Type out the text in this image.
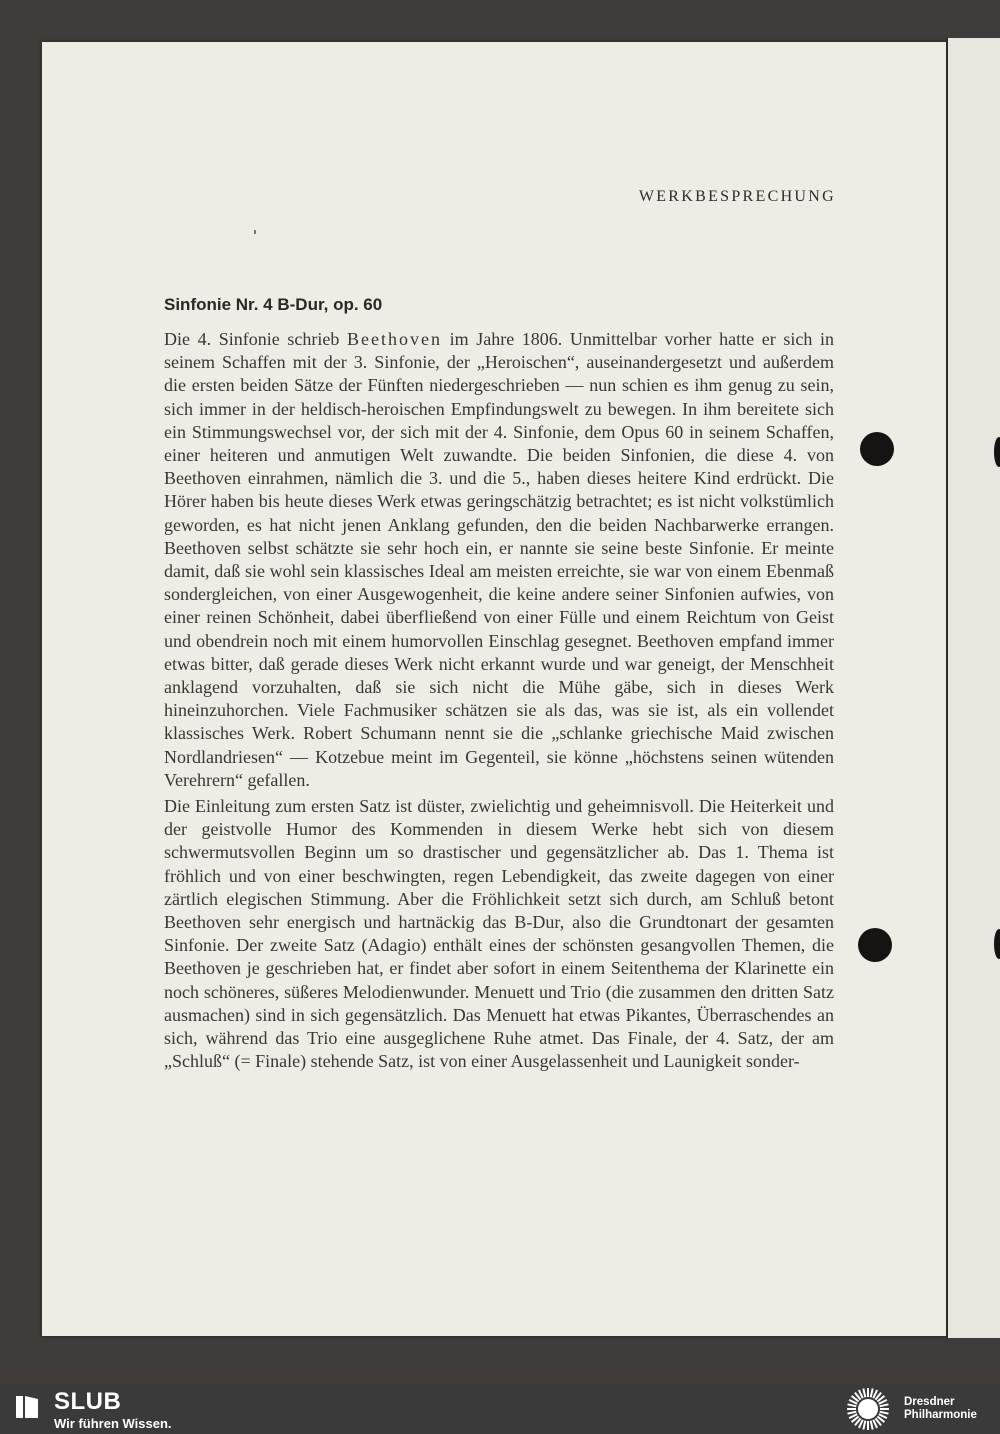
WERKBESPRECHUNG
Sinfonie Nr. 4 B-Dur, op. 60

Die 4. Sinfonie schrieb Beethoven im Jahre 1806. Unmittelbar vorher hatte er sich in seinem Schaffen mit der 3. Sinfonie, der „Heroischen“, auseinandergesetzt und außerdem die ersten beiden Sätze der Fünften niedergeschrieben — nun schien es ihm genug zu sein, sich immer in der heldisch-heroischen Empfindungswelt zu bewegen. In ihm bereitete sich ein Stimmungswechsel vor, der sich mit der 4. Sinfonie, dem Opus 60 in seinem Schaffen, einer heiteren und anmutigen Welt zuwandte. Die beiden Sinfonien, die diese 4. von Beethoven einrahmen, nämlich die 3. und die 5., haben dieses heitere Kind erdrückt. Die Hörer haben bis heute dieses Werk etwas geringschätzig betrachtet; es ist nicht volkstümlich geworden, es hat nicht jenen Anklang gefunden, den die beiden Nachbarwerke errangen. Beethoven selbst schätzte sie sehr hoch ein, er nannte sie seine beste Sinfonie. Er meinte damit, daß sie wohl sein klassisches Ideal am meisten erreichte, sie war von einem Ebenmaß sondergleichen, von einer Ausgewogenheit, die keine andere seiner Sinfonien aufwies, von einer reinen Schönheit, dabei überfließend von einer Fülle und einem Reichtum von Geist und obendrein noch mit einem humorvollen Einschlag gesegnet. Beethoven empfand immer etwas bitter, daß gerade dieses Werk nicht erkannt wurde und war geneigt, der Menschheit anklagend vorzuhalten, daß sie sich nicht die Mühe gäbe, sich in dieses Werk hineinzuhorchen. Viele Fachmusiker schätzen sie als das, was sie ist, als ein vollendet klassisches Werk. Robert Schumann nennt sie die „schlanke griechische Maid zwischen Nordlandriesen“ — Kotzebue meint im Gegenteil, sie könne „höchstens seinen wütenden Verehrern“ gefallen.

Die Einleitung zum ersten Satz ist düster, zwielichtig und geheimnisvoll. Die Heiterkeit und der geistvolle Humor des Kommenden in diesem Werke hebt sich von diesem schwermutsvollen Beginn um so drastischer und gegensätzlicher ab. Das 1. Thema ist fröhlich und von einer beschwingten, regen Lebendigkeit, das zweite dagegen von einer zärtlich elegischen Stimmung. Aber die Fröhlichkeit setzt sich durch, am Schluß betont Beethoven sehr energisch und hartnäckig das B-Dur, also die Grundtonart der gesamten Sinfonie. Der zweite Satz (Adagio) enthält eines der schönsten gesangvollen Themen, die Beethoven je geschrieben hat, er findet aber sofort in einem Seitenthema der Klarinette ein noch schöneres, süßeres Melodienwunder. Menuett und Trio (die zusammen den dritten Satz ausmachen) sind in sich gegensätzlich. Das Menuett hat etwas Pikantes, Überraschendes an sich, während das Trio eine ausgeglichene Ruhe atmet. Das Finale, der 4. Satz, der am „Schluß“ (= Finale) stehende Satz, ist von einer Ausgelassenheit und Launigkeit sonder-

SLUB
Wir führen Wissen.
Dresdner
Philharmonie
